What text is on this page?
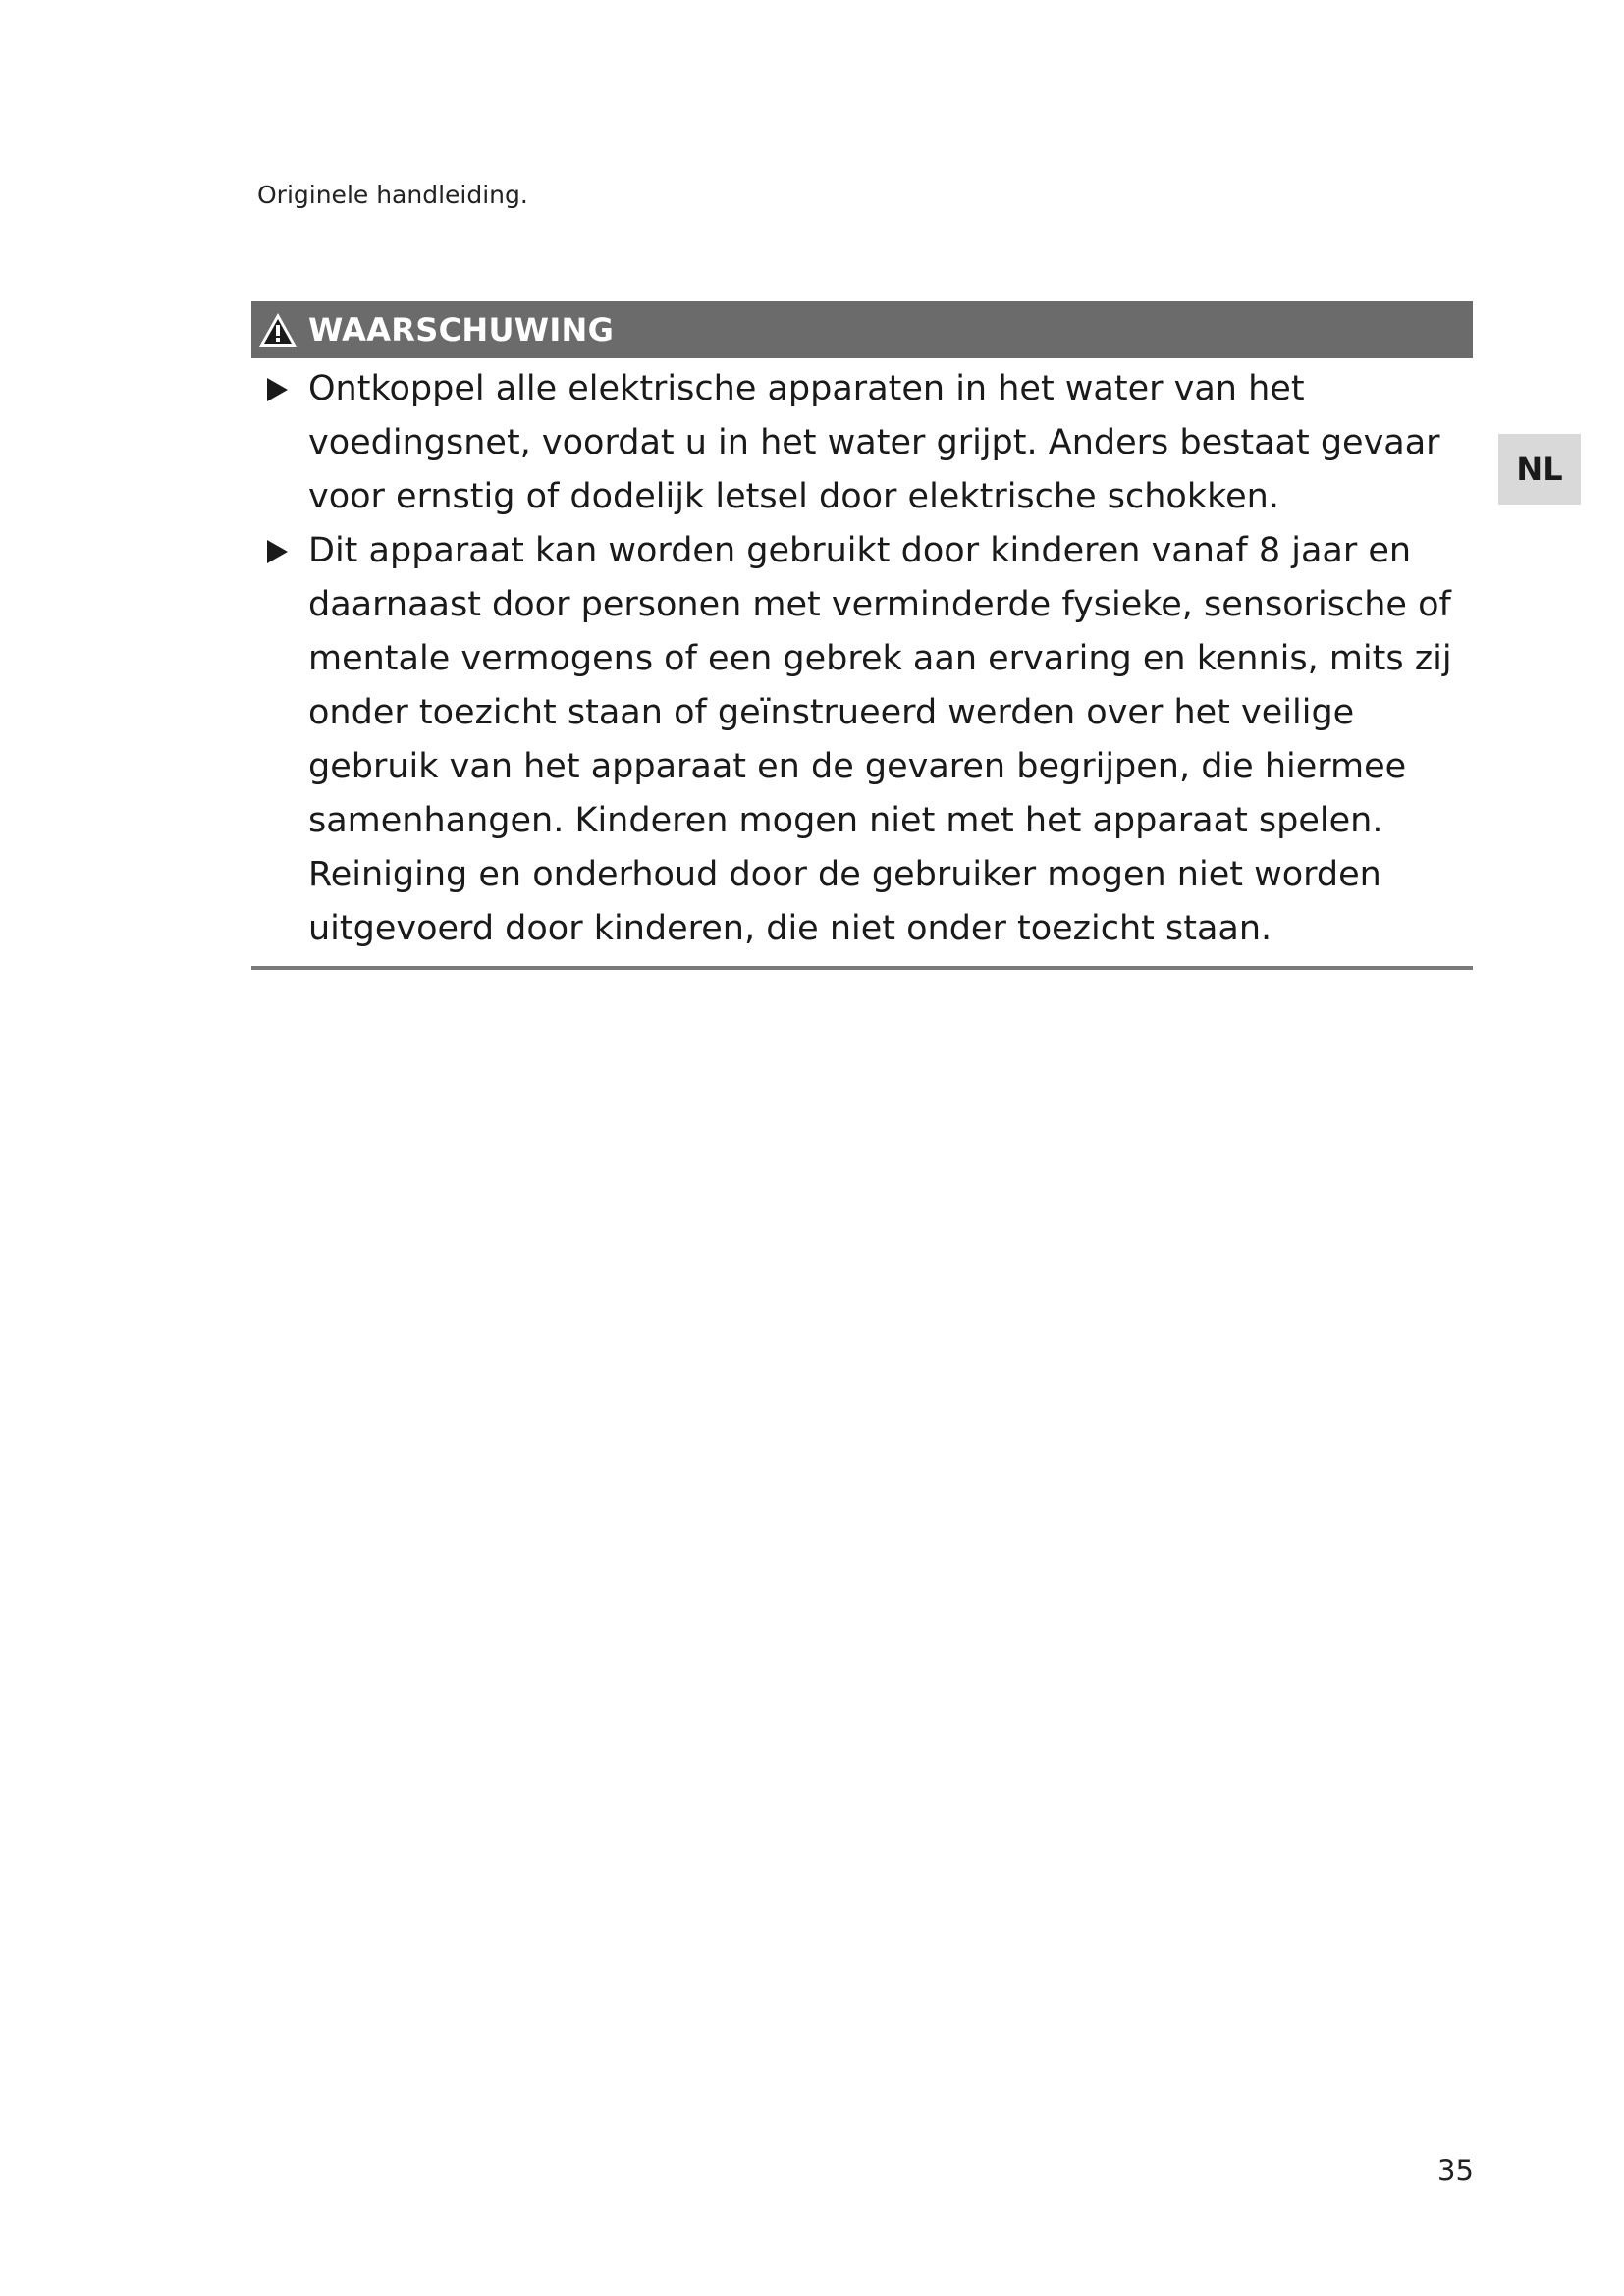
Originele handleiding.
WAARSCHUWING
Ontkoppel alle elektrische apparaten in het water van het voedingsnet, voordat u in het water grijpt. Anders bestaat gevaar voor ernstig of dodelijk letsel door elektrische schokken.
Dit apparaat kan worden gebruikt door kinderen vanaf 8 jaar en daarnaast door personen met verminderde fysieke, sensorische of mentale vermogens of een gebrek aan ervaring en kennis, mits zij onder toezicht staan of geïnstrueerd werden over het veilige gebruik van het apparaat en de gevaren begrijpen, die hiermee samenhangen. Kinderen mogen niet met het apparaat spelen. Reiniging en onderhoud door de gebruiker mogen niet worden uitgevoerd door kinderen, die niet onder toezicht staan.
NL
35
